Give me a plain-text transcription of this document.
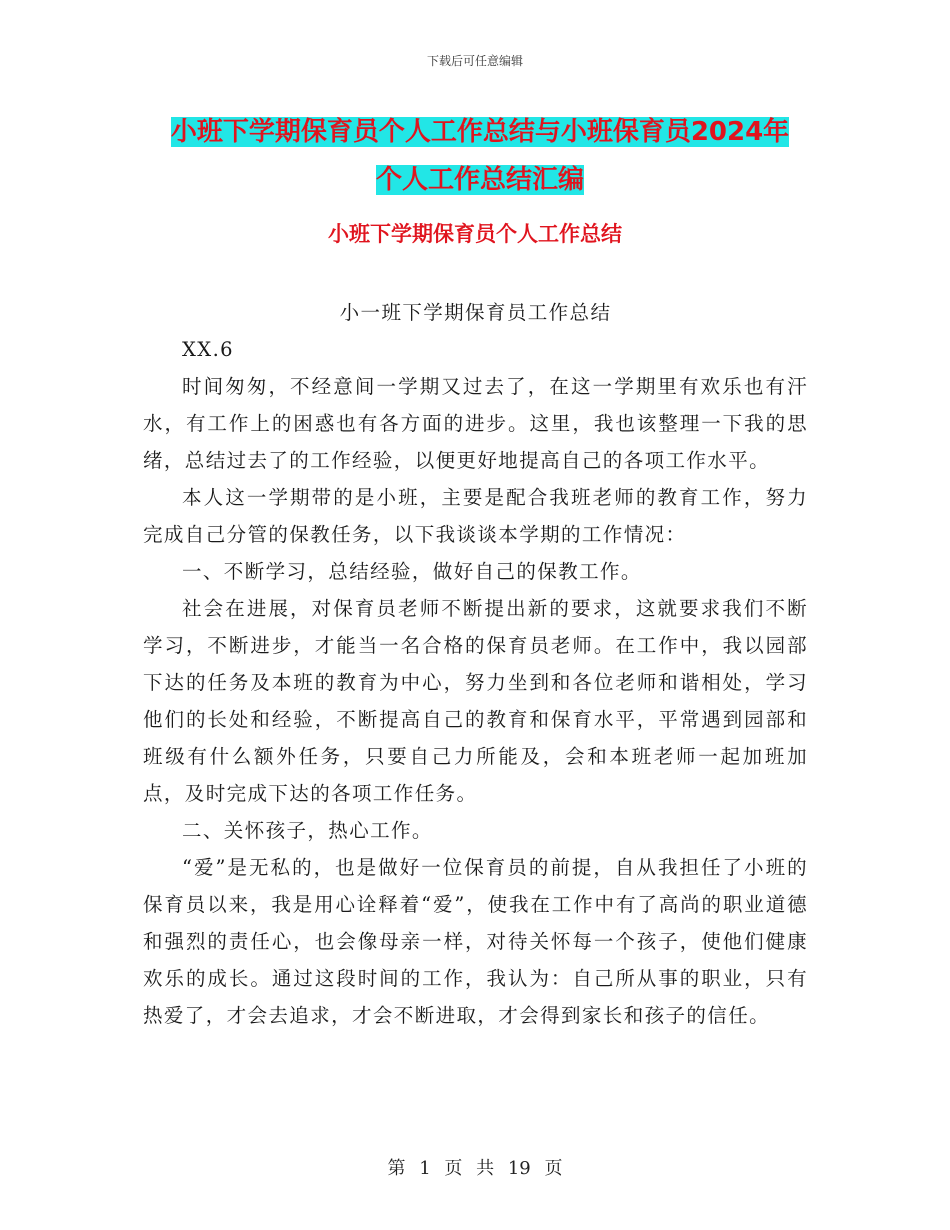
下载后可任意编辑
小班下学期保育员个人工作总结与小班保育员2024年
个人工作总结汇编
小班下学期保育员个人工作总结

小一班下学期保育员工作总结

XX.6

时间匆匆，不经意间一学期又过去了，在这一学期里有欢乐也有汗水，有工作上的困惑也有各方面的进步。这里，我也该整理一下我的思绪，总结过去了的工作经验，以便更好地提高自己的各项工作水平。

本人这一学期带的是小班，主要是配合我班老师的教育工作，努力完成自己分管的保教任务，以下我谈谈本学期的工作情况：

一、不断学习，总结经验，做好自己的保教工作。

社会在进展，对保育员老师不断提出新的要求，这就要求我们不断学习，不断进步，才能当一名合格的保育员老师。在工作中，我以园部下达的任务及本班的教育为中心，努力坐到和各位老师和谐相处，学习他们的长处和经验，不断提高自己的教育和保育水平，平常遇到园部和班级有什么额外任务，只要自己力所能及，会和本班老师一起加班加点，及时完成下达的各项工作任务。

二、关怀孩子，热心工作。

“爱”是无私的，也是做好一位保育员的前提，自从我担任了小班的保育员以来，我是用心诠释着“爱”，使我在工作中有了高尚的职业道德和强烈的责任心，也会像母亲一样，对待关怀每一个孩子，使他们健康欢乐的成长。通过这段时间的工作，我认为：自己所从事的职业，只有热爱了，才会去追求，才会不断进取，才会得到家长和孩子的信任。

第 1 页 共 19 页
